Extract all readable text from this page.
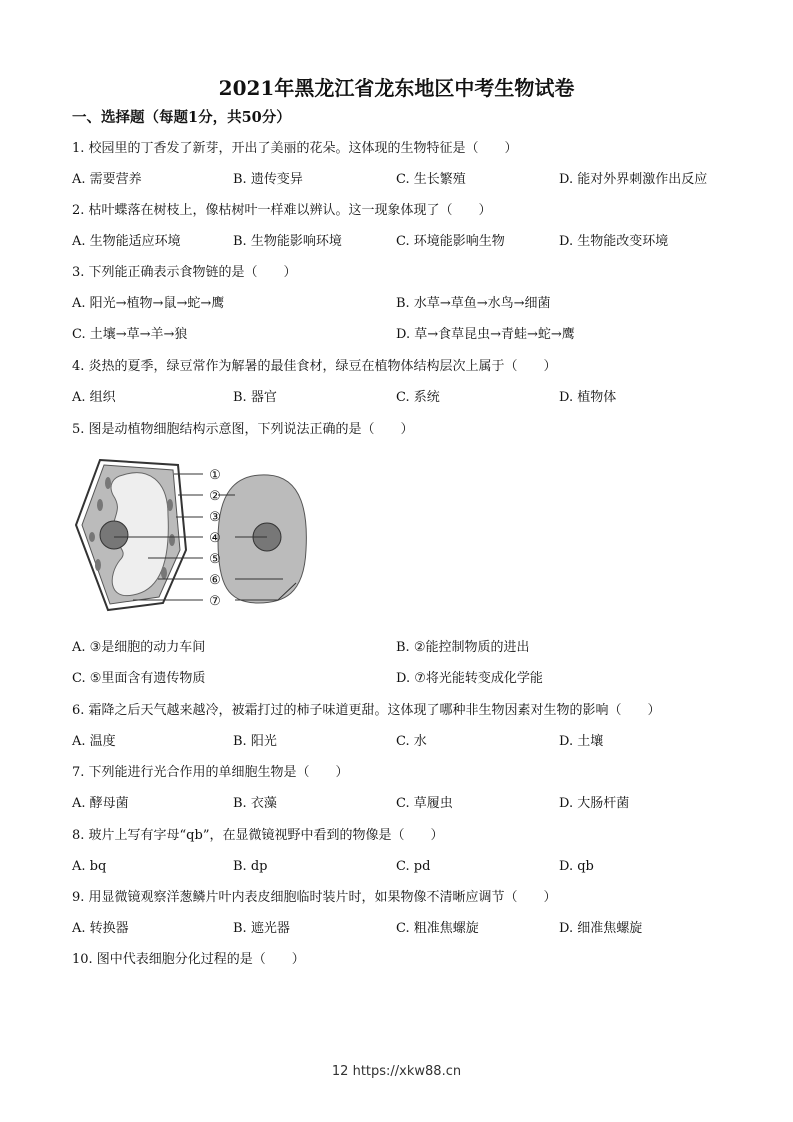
2021年黑龙江省龙东地区中考生物试卷
一、选择题（每题1分，共50分）
1. 校园里的丁香发了新芽，开出了美丽的花朵。这体现的生物特征是（　　）
A. 需要营养	B. 遗传变异	C. 生长繁殖	D. 能对外界刺激作出反应
2. 枯叶蝶落在树枝上，像枯树叶一样难以辨认。这一现象体现了（　　）
A. 生物能适应环境	B. 生物能影响环境	C. 环境能影响生物	D. 生物能改变环境
3. 下列能正确表示食物链的是（　　）
A. 阳光→植物→鼠→蛇→鹰	B. 水草→草鱼→水鸟→细菌
C. 土壤→草→羊→狼	D. 草→食草昆虫→青蛙→蛇→鹰
4. 炎热的夏季，绿豆常作为解暑的最佳食材，绿豆在植物体结构层次上属于（　　）
A. 组织	B. 器官	C. 系统	D. 植物体
5. 图是动植物细胞结构示意图，下列说法正确的是（　　）
①
②
③
④
⑤
⑥
⑦
A. ③是细胞的动力车间	B. ②能控制物质的进出
C. ⑤里面含有遗传物质	D. ⑦将光能转变成化学能
6. 霜降之后天气越来越冷，被霜打过的柿子味道更甜。这体现了哪种非生物因素对生物的影响（　　）
A. 温度	B. 阳光	C. 水	D. 土壤
7. 下列能进行光合作用的单细胞生物是（　　）
A. 酵母菌	B. 衣藻	C. 草履虫	D. 大肠杆菌
8. 玻片上写有字母“qb”，在显微镜视野中看到的物像是（　　）
A. bq	B. dp	C. pd	D. qb
9. 用显微镜观察洋葱鳞片叶内表皮细胞临时装片时，如果物像不清晰应调节（　　）
A. 转换器	B. 遮光器	C. 粗准焦螺旋	D. 细准焦螺旋
10. 图中代表细胞分化过程的是（　　）
12 https://xkw88.cn
